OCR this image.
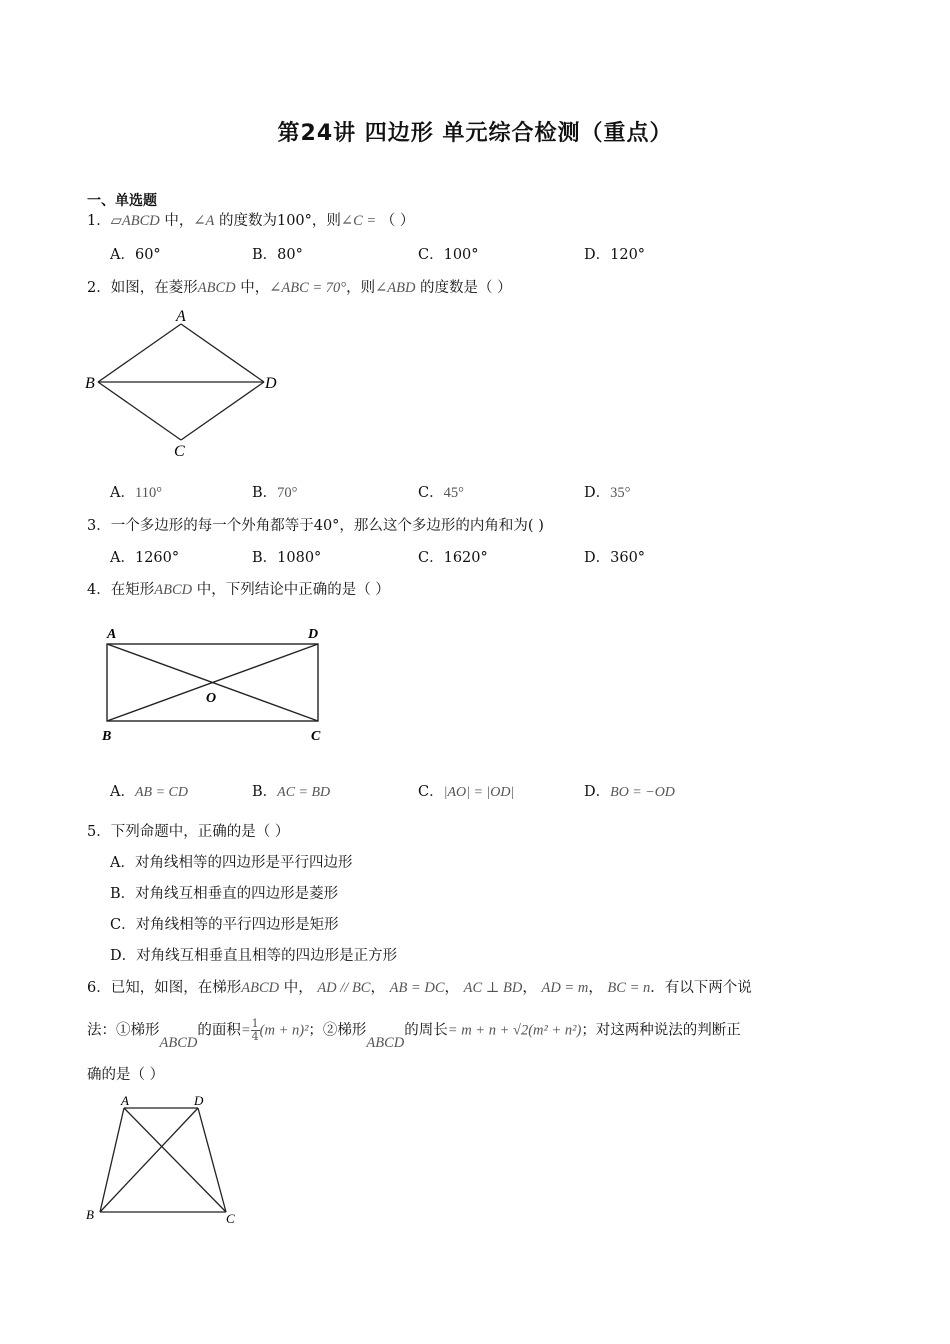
第24讲 四边形 单元综合检测（重点）
一、单选题
1．▱ABCD 中，∠A 的度数为100°，则∠C = （ ）
A．60°	B．80°	C．100°	D．120°
2．如图，在菱形ABCD 中，∠ABC = 70°，则∠ABD 的度数是（ ）
A
B
C
D
A．110°	B．70°	C．45°	D．35°
3．一个多边形的每一个外角都等于40°，那么这个多边形的内角和为( )
A．1260°	B．1080°	C．1620°	D．360°
4．在矩形ABCD 中，下列结论中正确的是（ ）
A	D
B	C
O
A．AB = CD	B．AC = BD	C．|AO| = |OD|	D．BO = −OD
5．下列命题中，正确的是（ ）
A．对角线相等的四边形是平行四边形
B．对角线互相垂直的四边形是菱形
C．对角线相等的平行四边形是矩形
D．对角线互相垂直且相等的四边形是正方形
6．已知，如图，在梯形ABCD 中， AD // BC， AB = DC， AC ⊥ BD， AD = m， BC = n．有以下两个说
法：①梯形ABCD的面积= $\frac{1}{4}(m + n)^2$；②梯形ABCD的周长= m + n + √2(m² + n²)；对这两种说法的判断正
确的是（ ）
A	D
B	C
